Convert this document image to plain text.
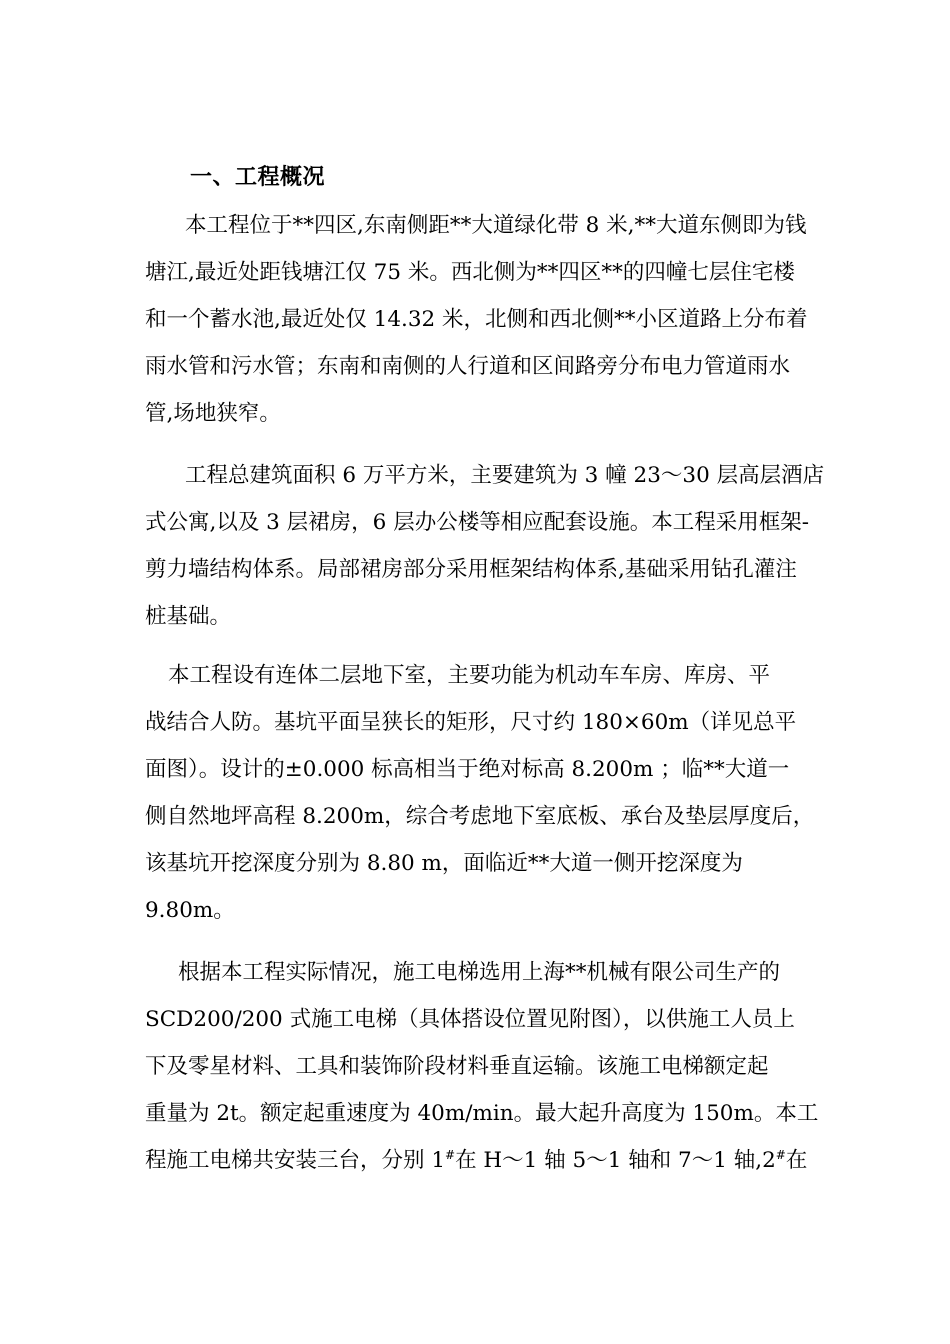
一、工程概况
本工程位于**四区,东南侧距**大道绿化带 8 米,**大道东侧即为钱
塘江,最近处距钱塘江仅 75 米。西北侧为**四区**的四幢七层住宅楼
和一个蓄水池,最近处仅 14.32 米，北侧和西北侧**小区道路上分布着
雨水管和污水管；东南和南侧的人行道和区间路旁分布电力管道雨水
管,场地狭窄。
工程总建筑面积 6 万平方米，主要建筑为 3 幢 23～30 层高层酒店
式公寓,以及 3 层裙房，6 层办公楼等相应配套设施。本工程采用框架-
剪力墙结构体系。局部裙房部分采用框架结构体系,基础采用钻孔灌注
桩基础。
本工程设有连体二层地下室，主要功能为机动车车房、库房、平
战结合人防。基坑平面呈狭长的矩形，尺寸约 180×60m（详见总平
面图）。设计的±0.000 标高相当于绝对标高 8.200m ；临**大道一
侧自然地坪高程 8.200m，综合考虑地下室底板、承台及垫层厚度后，
该基坑开挖深度分别为 8.80 m，面临近**大道一侧开挖深度为
9.80m。
根据本工程实际情况，施工电梯选用上海**机械有限公司生产的
SCD200/200 式施工电梯（具体搭设位置见附图），以供施工人员上
下及零星材料、工具和装饰阶段材料垂直运输。该施工电梯额定起
重量为 2t。额定起重速度为 40m/min。最大起升高度为 150m。本工
程施工电梯共安装三台，分别 1#在 H～1 轴 5～1 轴和 7～1 轴,2#在
